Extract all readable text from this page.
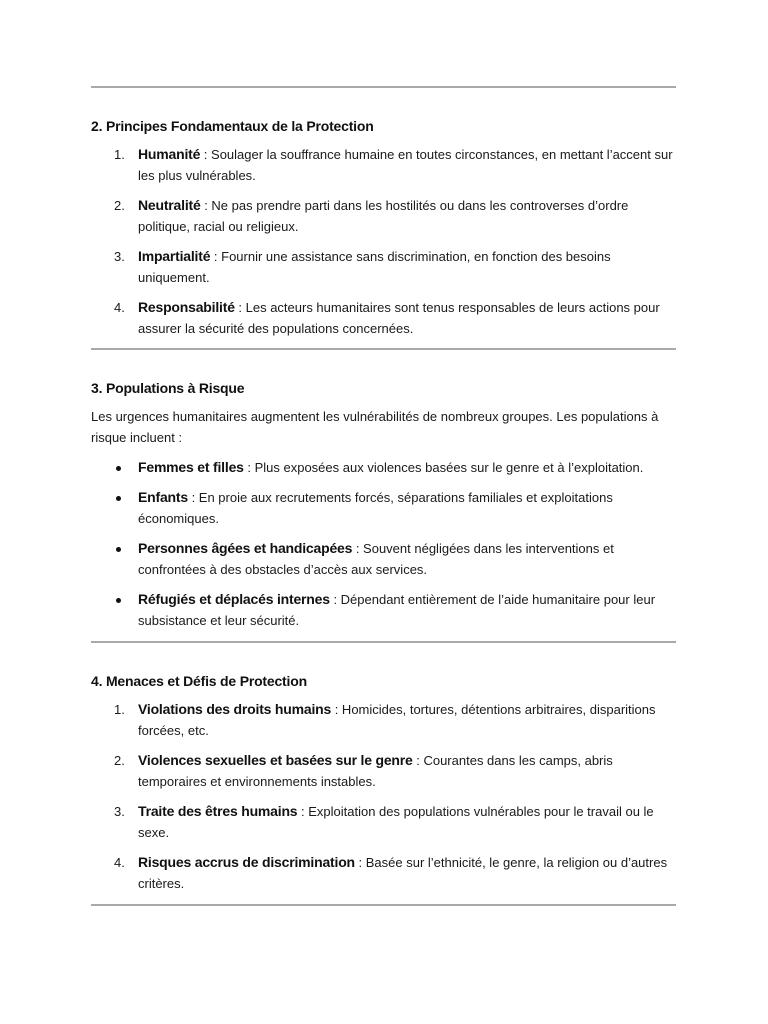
2. Principes Fondamentaux de la Protection
1. Humanité : Soulager la souffrance humaine en toutes circonstances, en mettant l’accent sur les plus vulnérables.
2. Neutralité : Ne pas prendre parti dans les hostilités ou dans les controverses d’ordre politique, racial ou religieux.
3. Impartialité : Fournir une assistance sans discrimination, en fonction des besoins uniquement.
4. Responsabilité : Les acteurs humanitaires sont tenus responsables de leurs actions pour assurer la sécurité des populations concernées.
3. Populations à Risque

Les urgences humanitaires augmentent les vulnérabilités de nombreux groupes. Les populations à risque incluent :

Femmes et filles : Plus exposées aux violences basées sur le genre et à l’exploitation.
Enfants : En proie aux recrutements forcés, séparations familiales et exploitations économiques.
Personnes âgées et handicapées : Souvent négligées dans les interventions et confrontées à des obstacles d’accès aux services.
Réfugiés et déplacés internes : Dépendant entièrement de l’aide humanitaire pour leur subsistance et leur sécurité.
4. Menaces et Défis de Protection
1. Violations des droits humains : Homicides, tortures, détentions arbitraires, disparitions forcées, etc.
2. Violences sexuelles et basées sur le genre : Courantes dans les camps, abris temporaires et environnements instables.
3. Traite des êtres humains : Exploitation des populations vulnérables pour le travail ou le sexe.
4. Risques accrus de discrimination : Basée sur l’ethnicité, le genre, la religion ou d’autres critères.
